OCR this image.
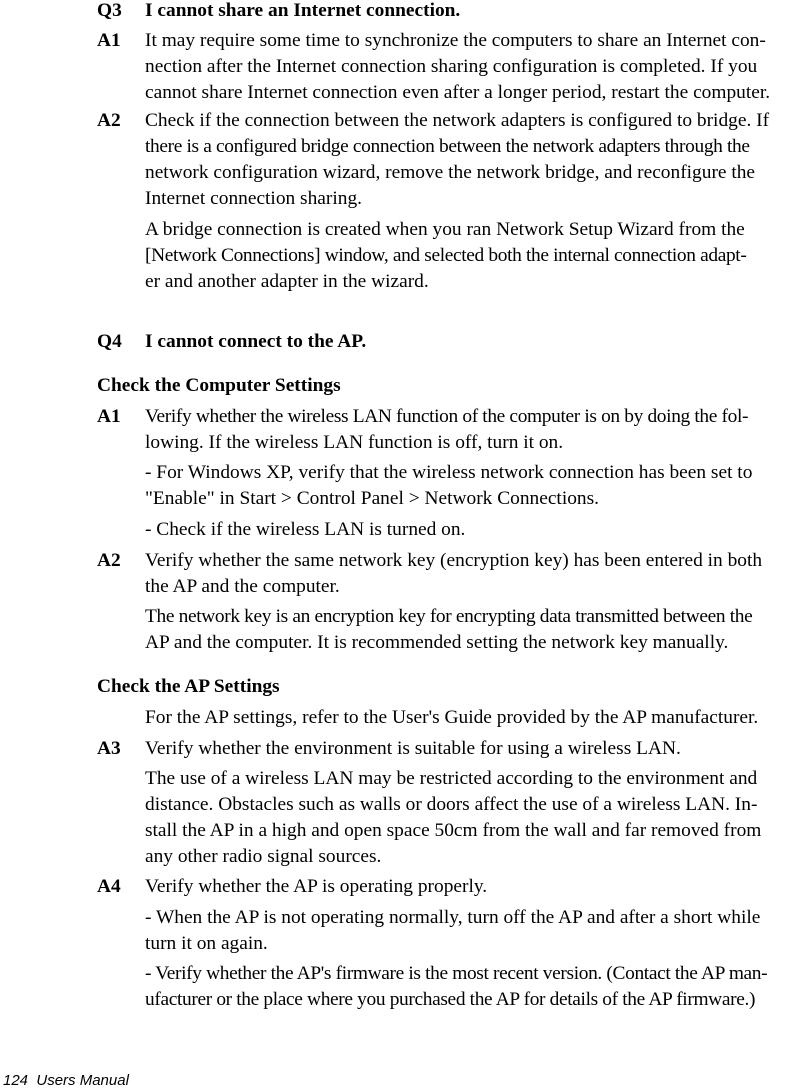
Q3 I cannot share an Internet connection.
A1 It may require some time to synchronize the computers to share an Internet con-
nection after the Internet connection sharing configuration is completed. If you
cannot share Internet connection even after a longer period, restart the computer.
A2 Check if the connection between the network adapters is configured to bridge. If
there is a configured bridge connection between the network adapters through the
network configuration wizard, remove the network bridge, and reconfigure the
Internet connection sharing.
A bridge connection is created when you ran Network Setup Wizard from the
[Network Connections] window, and selected both the internal connection adapt-
er and another adapter in the wizard.
Q4 I cannot connect to the AP.
Check the Computer Settings
A1 Verify whether the wireless LAN function of the computer is on by doing the fol-
lowing. If the wireless LAN function is off, turn it on.
- For Windows XP, verify that the wireless network connection has been set to
"Enable" in Start > Control Panel > Network Connections.
- Check if the wireless LAN is turned on.
A2 Verify whether the same network key (encryption key) has been entered in both
the AP and the computer.
The network key is an encryption key for encrypting data transmitted between the
AP and the computer. It is recommended setting the network key manually.
Check the AP Settings
For the AP settings, refer to the User's Guide provided by the AP manufacturer.
A3 Verify whether the environment is suitable for using a wireless LAN.
The use of a wireless LAN may be restricted according to the environment and
distance. Obstacles such as walls or doors affect the use of a wireless LAN. In-
stall the AP in a high and open space 50cm from the wall and far removed from
any other radio signal sources.
A4 Verify whether the AP is operating properly.
- When the AP is not operating normally, turn off the AP and after a short while
turn it on again.
- Verify whether the AP's firmware is the most recent version. (Contact the AP man-
ufacturer or the place where you purchased the AP for details of the AP firmware.)
124 Users Manual
